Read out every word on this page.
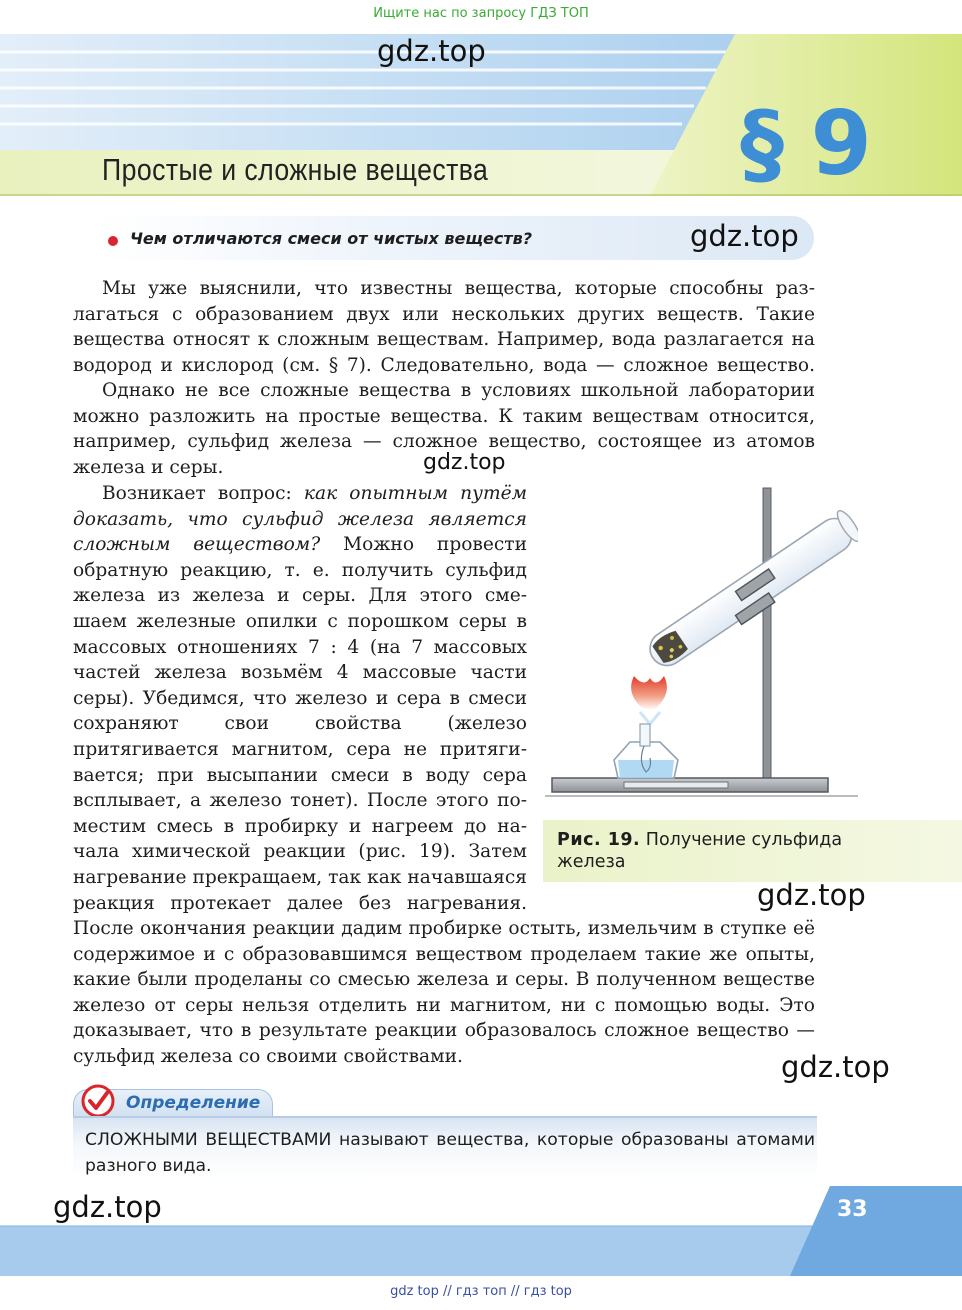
Ищите нас по запросу ГДЗ ТОП
Простые и сложные вещества	§ 9
gdz.top
Чем отличаются смеси от чистых веществ?	gdz.top
Мы уже выяснили, что известны вещества, которые способны разлагаться с образованием двух или нескольких других веществ. Такие вещества относят к сложным веществам. Например, вода разлагается на водород и кислород (см. § 7). Следовательно, вода — сложное вещество.
Однако не все сложные вещества в условиях школьной лаборатории можно разложить на простые вещества. К таким веществам относится, например, сульфид железа — сложное вещество, состоящее из атомов железа и серы.	gdz.top
Возникает вопрос: как опытным путём доказать, что сульфид железа является сложным веществом? Можно провести обратную реакцию, т. е. получить сульфид железа из железа и серы. Для этого смешаем железные опилки с порошком серы в массовых отношениях 7 : 4 (на 7 массовых частей железа возьмём 4 массовые части серы). Убедимся, что железо и сера в смеси сохраняют свои свойства (железо притягивается магнитом, сера не притягивается; при высыпании смеси в воду сера всплывает, а железо тонет). После этого поместим смесь в пробирку и нагреем до начала химической реакции (рис. 19). Затем нагревание прекращаем, так как начавшаяся реакция протекает далее без нагревания.
Рис. 19. Получение сульфида железа
gdz.top
После окончания реакции дадим пробирке остыть, измельчим в ступке её содержимое и с образовавшимся веществом проделаем такие же опыты, какие были проделаны со смесью железа и серы. В полученном веществе железо от серы нельзя отделить ни магнитом, ни с помощью воды. Это доказывает, что в результате реакции образовалось сложное вещество — сульфид железа со своими свойствами.	gdz.top
Определение
СЛОЖНЫМИ ВЕЩЕСТВАМИ называют вещества, которые образованы атомами разного вида.
33
gdz.top
gdz top // гдз топ // гдз top
